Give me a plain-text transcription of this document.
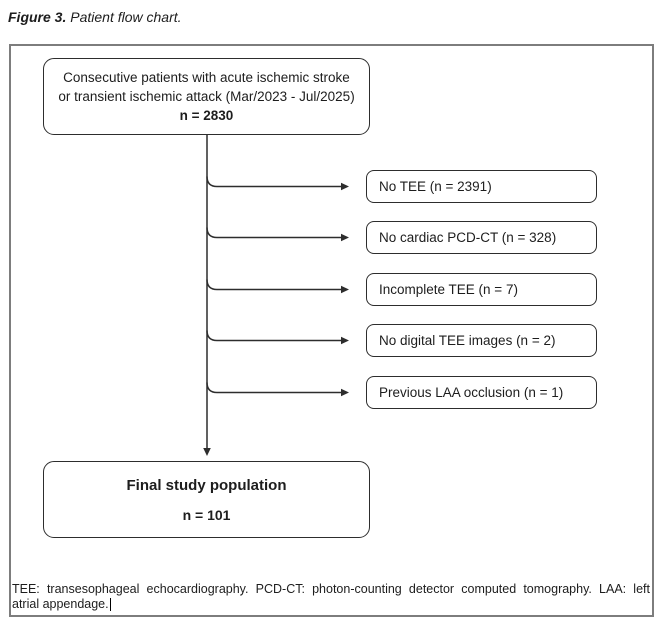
Figure 3. Patient flow chart.
Consecutive patients with acute ischemic stroke
or transient ischemic attack (Mar/2023 - Jul/2025)
n = 2830
No TEE (n = 2391)
No cardiac PCD-CT (n = 328)
Incomplete TEE (n = 7)
No digital TEE images (n = 2)
Previous LAA occlusion (n = 1)
Final study population
n = 101
TEE: transesophageal echocardiography. PCD-CT: photon-counting detector computed tomography. LAA: left
atrial appendage.
